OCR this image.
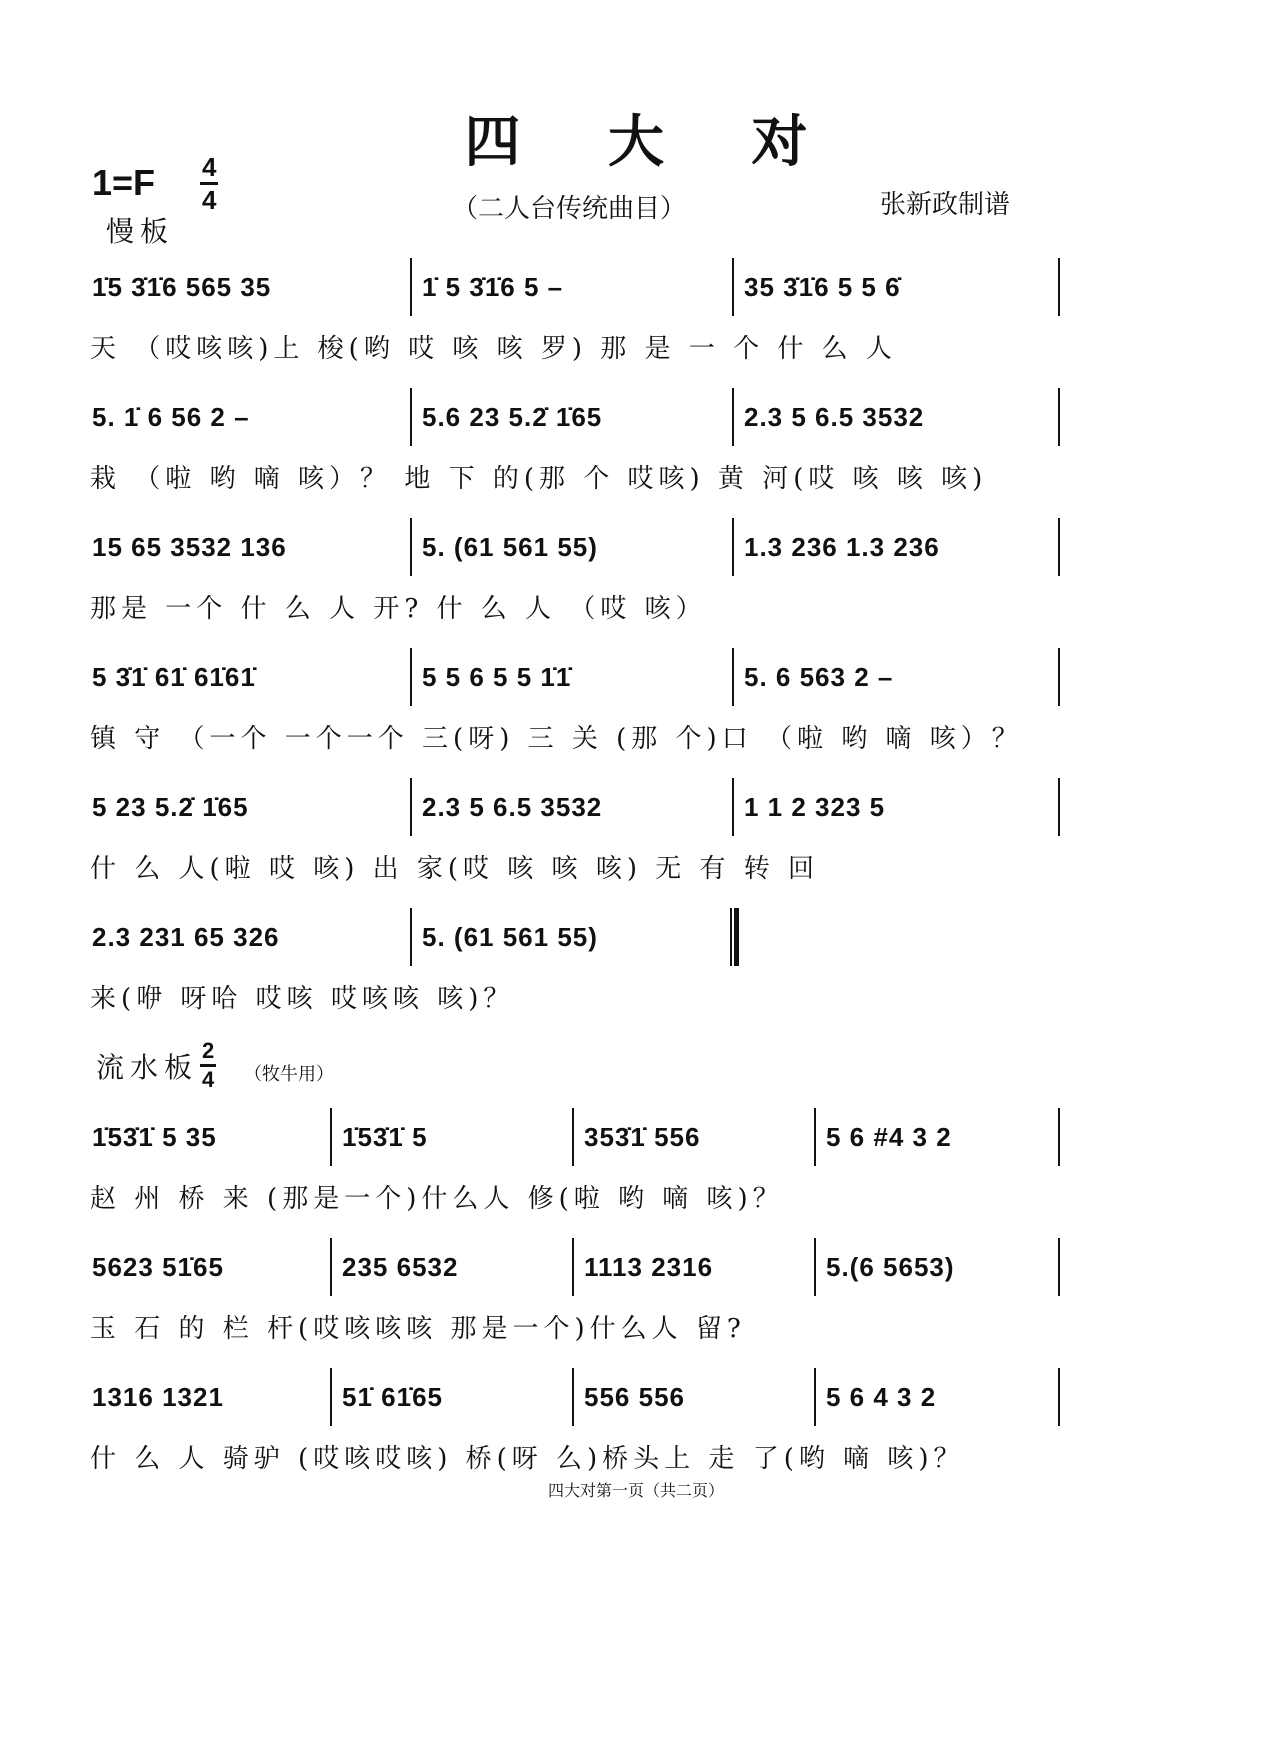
四 大 对
$1=F \frac{4}{4}$	（二人台传统曲目）	张新政制谱
慢板
1̇5 3̇1̇6 565 35	1̇ 5 3̇1̇6 5 –	35 3̇1̇6 5 5 6̇
天 （哎咳咳)上 梭(哟 哎 咳 咳 罗) 那 是 一 个 什 么 人
5. 1̇ 6 56 2 –	5.6 23 5.2̇ 1̇65	2.3 5 6.5 3532
栽 （啦 哟 嘀 咳）？ 地 下 的(那 个 哎咳) 黄 河(哎 咳 咳 咳)
15 65 3532 136	5. (61 561 55)	1.3 236 1.3 236
那是 一个 什 么 人 开? 什 么 人 （哎 咳）
5 3̇1̇ 61̇ 61̇61̇	5 5 6 5 5 1̇1̇	5. 6 563 2 –
镇 守 （一个 一个一个 三(呀) 三 关 (那 个)口 （啦 哟 嘀 咳）？
5 23 5.2̇ 1̇65	2.3 5 6.5 3532	1 1 2 323 5
什 么 人(啦 哎 咳) 出 家(哎 咳 咳 咳) 无 有 转 回
2.3 231 65 326	5. (61 561 55)
来(咿 呀哈 哎咳 哎咳咳 咳)？
流水板 $\frac{2}{4}$ （牧牛用）
1̇53̇1̇ 5 35	1̇53̇1̇ 5	353̇1̇ 556	5 6 #4 3 2
赵 州 桥 来 (那是一个)什么人 修(啦 哟 嘀 咳)？
5623 51̇65	235 6532	1113 2316	5.(6 5653)
玉 石 的 栏 杆(哎咳咳咳 那是一个)什么人 留?
1316 1321	51̇ 61̇65	556 556	5 6 4 3 2
什 么 人 骑驴 (哎咳哎咳) 桥(呀 么)桥头上 走 了(哟 嘀 咳)？
四大对第一页（共二页）
